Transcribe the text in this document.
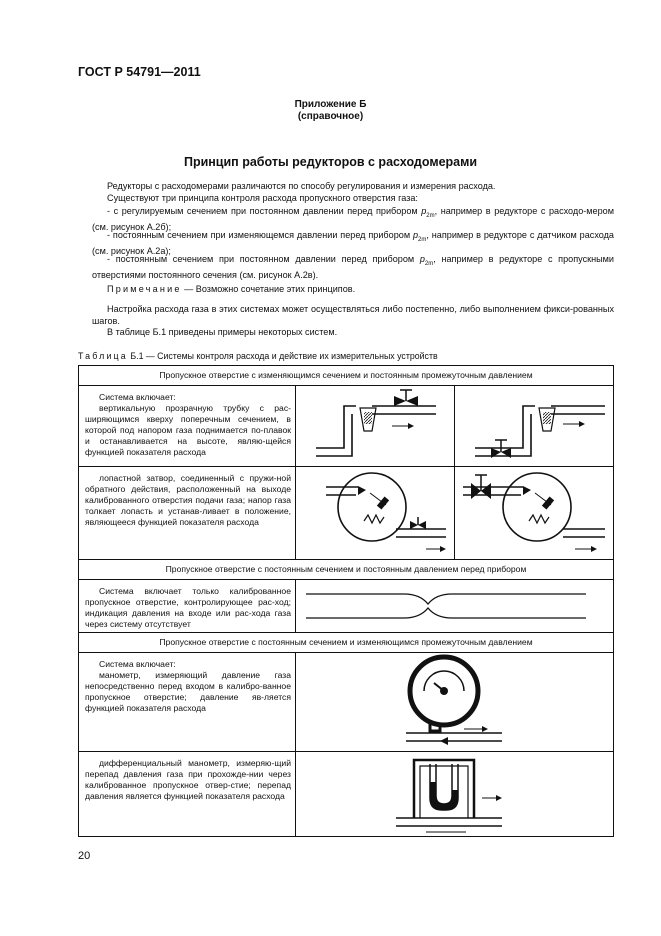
ГОСТ Р 54791—2011
Приложение Б
(справочное)
Принцип работы редукторов с расходомерами
Редукторы с расходомерами различаются по способу регулирования и измерения расхода.
Существуют три принципа контроля расхода пропускного отверстия газа:
- с регулируемым сечением при постоянном давлении перед прибором $p_{2m}$, например в редукторе с расходо-мером (см. рисунок А.2б);
- постоянным сечением при изменяющемся давлении перед прибором $p_{2m}$, например в редукторе с датчиком расхода (см. рисунок А.2а);
- постоянным сечением при постоянном давлении перед прибором $p_{2m}$, например в редукторе с пропускными отверстиями постоянного сечения (см. рисунок А.2в).
Примечание — Возможно сочетание этих принципов.
Настройка расхода газа в этих системах может осуществляться либо постепенно, либо выполнением фикси-рованных шагов.
В таблице Б.1 приведены примеры некоторых систем.
Таблица Б.1 — Системы контроля расхода и действие их измерительных устройств
Пропускное отверстие с изменяющимся сечением и постоянным промежуточным давлением		

Система включает:
вертикальную прозрачную трубку с рас-ширяющимся кверху поперечным сечением, в которой под напором газа поднимается по-плавок и останавливается на высоте, являю-щейся функцией показателя расхода

лопастной затвор, соединенный с пружи-ной обратного действия, расположенный на выходе калиброванного отверстия подачи газа; напор газа толкает лопасть и устанав-ливает в положение, являющееся функцией показателя расхода

Пропускное отверстие с постоянным сечением и постоянным давлением перед прибором		

Система включает только калиброванное пропускное отверстие, контролирующее рас-ход; индикация давления на входе или рас-хода газа через систему отсутствует

Пропускное отверстие с постоянным сечением и изменяющимся промежуточным давлением		

Система включает:
манометр, измеряющий давление газа непосредственно перед входом в калибро-ванное пропускное отверстие; давление яв-ляется функцией показателя расхода

дифференциальный манометр, измеряю-щий перепад давления газа при прохожде-нии через калиброванное пропускное отвер-стие; перепад давления является функцией показателя расхода

20
